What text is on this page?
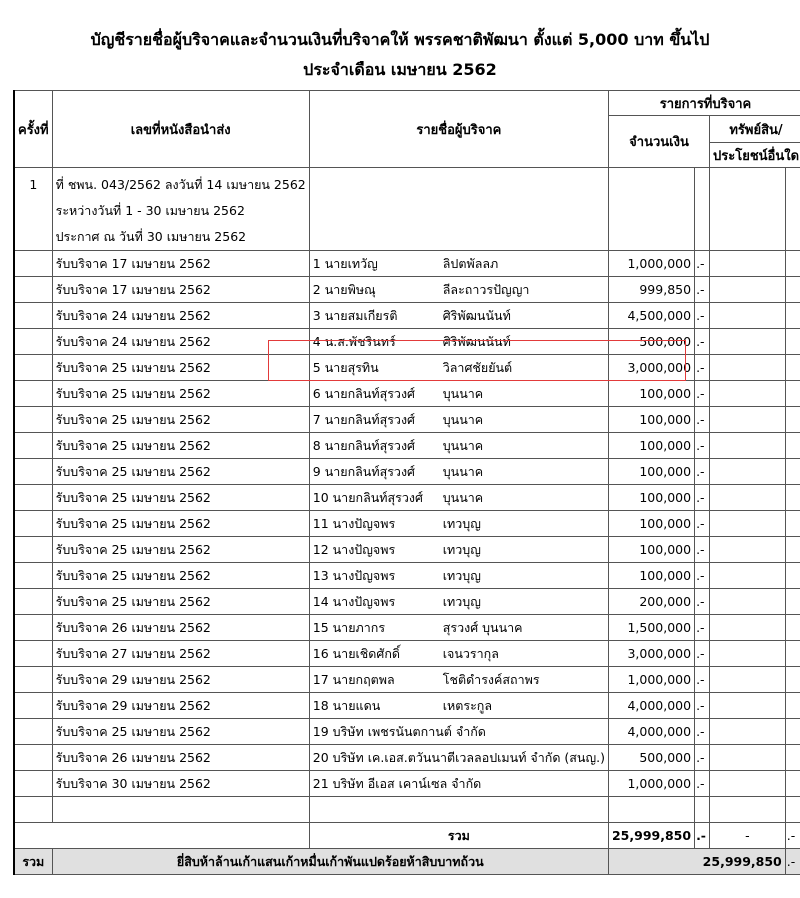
บัญชีรายชื่อผู้บริจาคและจำนวนเงินที่บริจาคให้ พรรคชาติพัฒนา ตั้งแต่ 5,000 บาท ขึ้นไป
ประจำเดือน เมษายน 2562
ครั้งที่	เลขที่หนังสือนำส่ง	รายชื่อผู้บริจาค	รายการที่บริจาค			
			จำนวนเงิน		ทรัพย์สิน/	
					ประโยชน์อื่นใด	
1	ที่ ชพน. 043/2562 ลงวันที่ 14 เมษายน 2562
ระหว่างวันที่ 1 - 30 เมษายน 2562
ประกาศ ณ วันที่ 30 เมษายน 2562					

	รับบริจาค 17 เมษายน 2562	1 นายเทวัญ ลิปตพัลลภ	1,000,000	.-		
	รับบริจาค 17 เมษายน 2562	2 นายพิษณุ ลีละถาวรปัญญา	999,850	.-		
	รับบริจาค 24 เมษายน 2562	3 นายสมเกียรติ ศิริพัฒนนันท์	4,500,000	.-		
	รับบริจาค 24 เมษายน 2562	4 น.ส.พัชรินทร์ ศิริพัฒนนันท์	500,000	.-		
	รับบริจาค 25 เมษายน 2562	5 นายสุรทิน วิลาศชัยยันต์	3,000,000	.-		
	รับบริจาค 25 เมษายน 2562	6 นายกลินท์สุรวงศ์ บุนนาค	100,000	.-		
	รับบริจาค 25 เมษายน 2562	7 นายกลินท์สุรวงศ์ บุนนาค	100,000	.-		
	รับบริจาค 25 เมษายน 2562	8 นายกลินท์สุรวงศ์ บุนนาค	100,000	.-		
	รับบริจาค 25 เมษายน 2562	9 นายกลินท์สุรวงศ์ บุนนาค	100,000	.-		
	รับบริจาค 25 เมษายน 2562	10 นายกลินท์สุรวงศ์ บุนนาค	100,000	.-		
	รับบริจาค 25 เมษายน 2562	11 นางปัญจพร เทวบุญ	100,000	.-		
	รับบริจาค 25 เมษายน 2562	12 นางปัญจพร เทวบุญ	100,000	.-		
	รับบริจาค 25 เมษายน 2562	13 นางปัญจพร เทวบุญ	100,000	.-		
	รับบริจาค 25 เมษายน 2562	14 นางปัญจพร เทวบุญ	200,000	.-		
	รับบริจาค 26 เมษายน 2562	15 นายภากร สุรวงศ์ บุนนาค	1,500,000	.-		
	รับบริจาค 27 เมษายน 2562	16 นายเชิดศักดิ์ เจนวรากุล	3,000,000	.-		
	รับบริจาค 29 เมษายน 2562	17 นายกฤตพล โชติดำรงค์สถาพร	1,000,000	.-		
	รับบริจาค 29 เมษายน 2562	18 นายแดน เหตระกูล	4,000,000	.-		
	รับบริจาค 25 เมษายน 2562	19 บริษัท เพชรนันตกานต์ จำกัด	4,000,000	.-		
	รับบริจาค 26 เมษายน 2562	20 บริษัท เค.เอส.ตวันนาตีเวลลอปเมนท์ จำกัด (สนญ.)	500,000	.-		
	รับบริจาค 30 เมษายน 2562	21 บริษัท อีเอส เคาน์เซล จำกัด	1,000,000	.-		

		รวม	25,999,850	.-	-	.-
รวม	ยี่สิบห้าล้านเก้าแสนเก้าหมื่นเก้าพันแปดร้อยห้าสิบบาทถ้วน		25,999,850			.-
